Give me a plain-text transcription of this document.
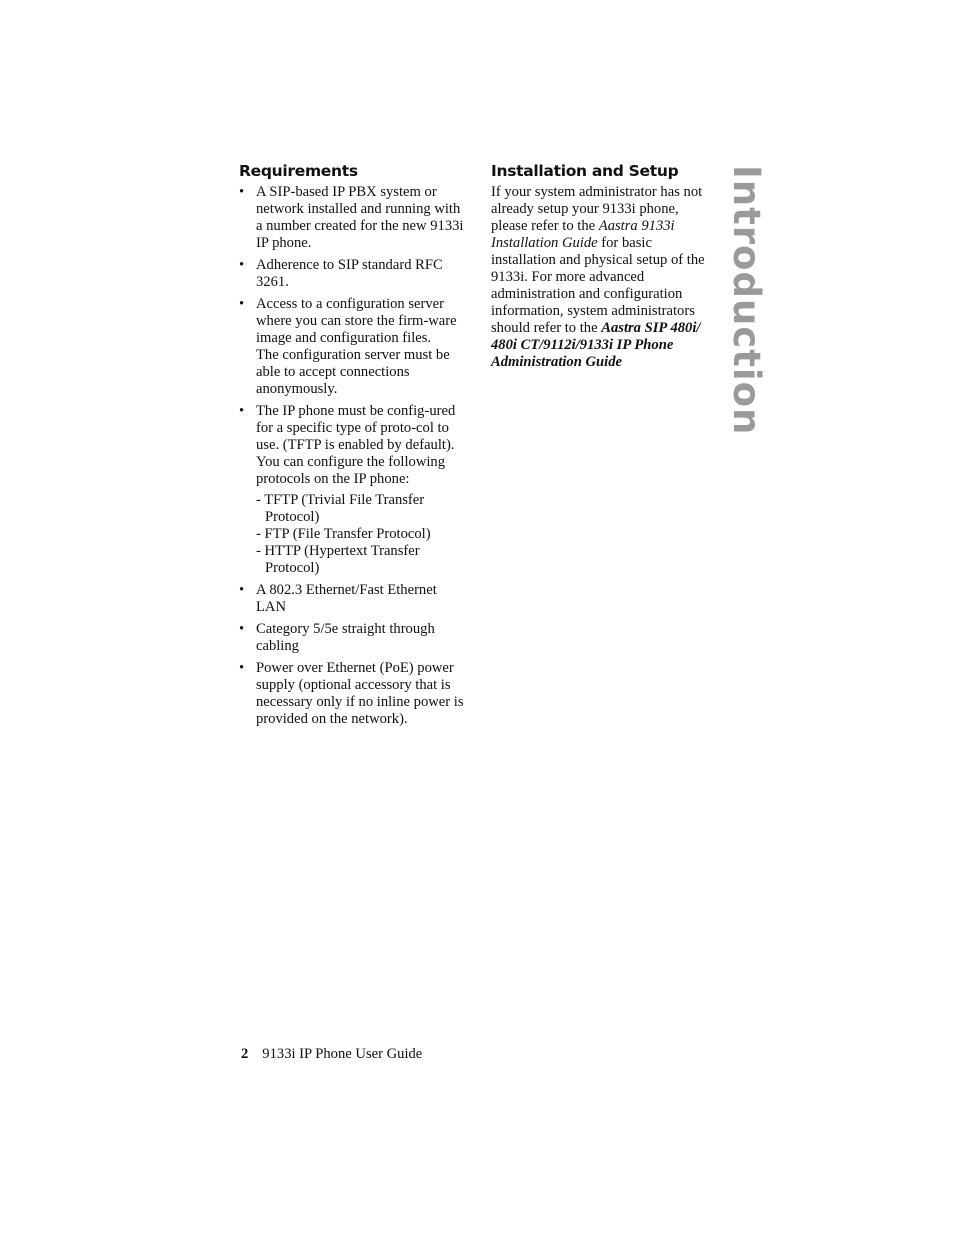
Requirements
• A SIP-based IP PBX system or network installed and running with a number created for the new 9133i IP phone.
• Adherence to SIP standard RFC 3261.
• Access to a configuration server where you can store the firm-ware image and configuration files.
The configuration server must be able to accept connections anonymously.
• The IP phone must be config-ured for a specific type of proto-col to use. (TFTP is enabled by default). You can configure the following protocols on the IP phone:
- TFTP (Trivial File Transfer Protocol)
- FTP (File Transfer Protocol)
- HTTP (Hypertext Transfer Protocol)
• A 802.3 Ethernet/Fast Ethernet LAN
• Category 5/5e straight through cabling
• Power over Ethernet (PoE) power supply (optional accessory that is necessary only if no inline power is provided on the network).
Installation and Setup

If your system administrator has not already setup your 9133i phone, please refer to the Aastra 9133i Installation Guide for basic installation and physical setup of the 9133i. For more advanced administration and configuration information, system administrators should refer to the Aastra SIP 480i/ 480i CT/9112i/9133i IP Phone Administration Guide	Introduction
2 9133i IP Phone User Guide
